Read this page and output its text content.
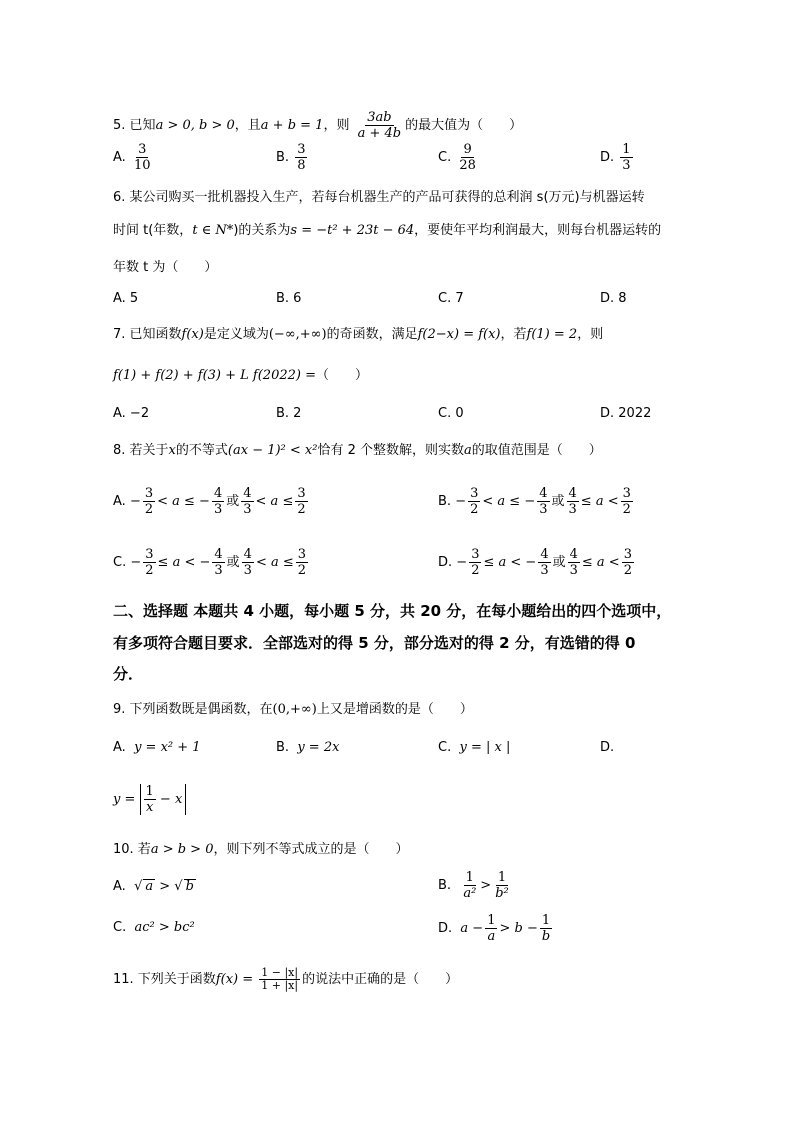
5. 已知a > 0, b > 0，且a + b = 1，则 $\frac{3ab}{a + 4b}$ 的最大值为（　　）
A. $\frac{3}{10}$	B. $\frac{3}{8}$	C. $\frac{9}{28}$	D. $\frac{1}{3}$
6. 某公司购买一批机器投入生产，若每台机器生产的产品可获得的总利润 s(万元)与机器运转
时间 t(年数，t ∈ N*)的关系为s = −t² + 23t − 64，要使年平均利润最大，则每台机器运转的
年数 t 为（　　）
A. 5	B. 6	C. 7	D. 8
7. 已知函数f(x)是定义域为(−∞,+∞)的奇函数，满足f(2−x) = f(x)，若f(1) = 2，则
f(1) + f(2) + f(3) + L f(2022) =（　　）
A. −2	B. 2	C. 0	D. 2022
8. 若关于x的不等式(ax − 1)² < x²恰有 2 个整数解，则实数a的取值范围是（　　）
A. − $\frac{3}{2} < a$ ≤ − $\frac{4}{3}$ 或 $\frac{4}{3} < a \le \frac{3}{2}$	B. − $\frac{3}{2} < a$ ≤ − $\frac{4}{3}$ 或 $\frac{4}{3} \le a < \frac{3}{2}$
C. − $\frac{3}{2} \le a$ < − $\frac{4}{3}$ 或 $\frac{4}{3} < a \le \frac{3}{2}$	D. − $\frac{3}{2} \le a$ < − $\frac{4}{3}$ 或 $\frac{4}{3} \le a < \frac{3}{2}$
二、选择题 本题共 4 小题，每小题 5 分，共 20 分，在每小题给出的四个选项中，
有多项符合题目要求．全部选对的得 5 分，部分选对的得 2 分，有选错的得 0
分．
9. 下列函数既是偶函数，在(0,+∞)上又是增函数的是（　　）
A. y = x² + 1	B. y = 2x	C. y = | x |	D.
$y = \frac{1}{x} - x$
10. 若a > b > 0，则下列不等式成立的是（　　）
A. √ a > √ b	B. $\frac{1}{\text{a²}} > \frac{1}{\text{b²}}$
C. ac² > bc²	D. $a - \frac{1}{a} > b - \frac{1}{b}$
11. 下列关于函数$f(x) = \frac{1 - |x|}{1 + |x|}$ 的说法中正确的是（　　）
